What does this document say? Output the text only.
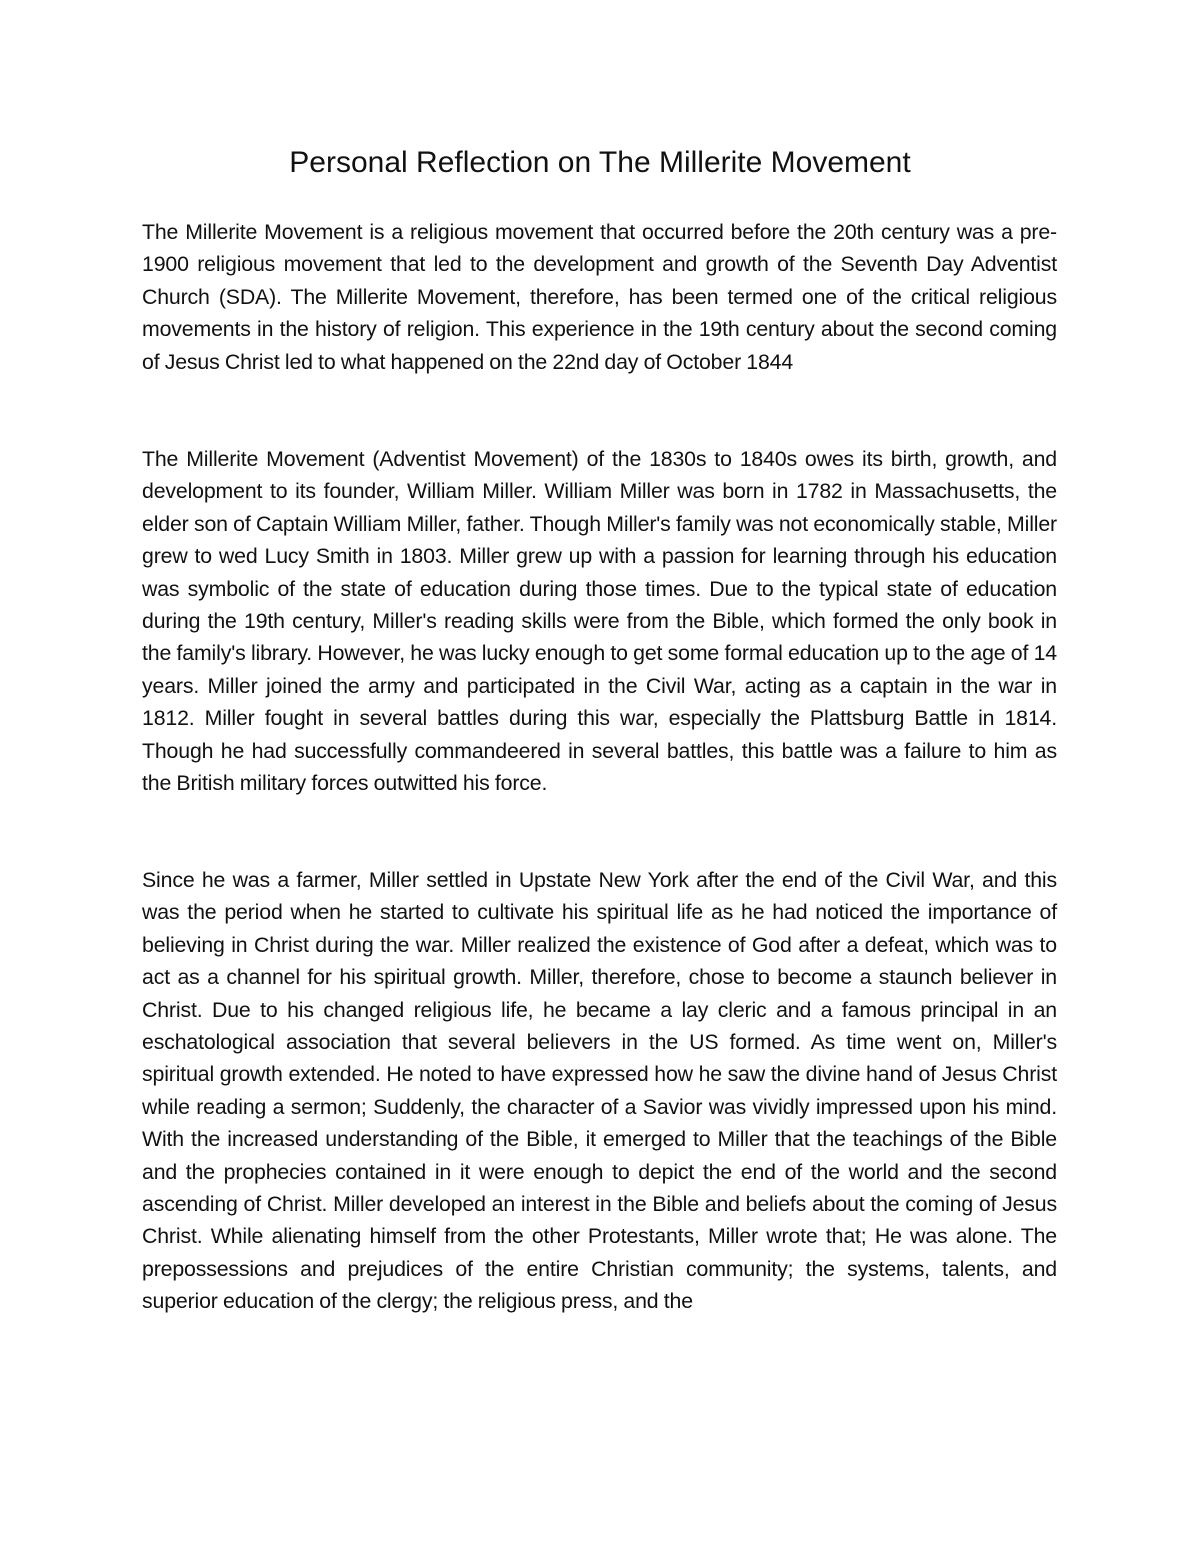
Personal Reflection on The Millerite Movement

The Millerite Movement is a religious movement that occurred before the 20th century was a pre-1900 religious movement that led to the development and growth of the Seventh Day Adventist Church (SDA). The Millerite Movement, therefore, has been termed one of the critical religious movements in the history of religion. This experience in the 19th century about the second coming of Jesus Christ led to what happened on the 22nd day of October 1844

The Millerite Movement (Adventist Movement) of the 1830s to 1840s owes its birth, growth, and development to its founder, William Miller. William Miller was born in 1782 in Massachusetts, the elder son of Captain William Miller, father. Though Miller's family was not economically stable, Miller grew to wed Lucy Smith in 1803. Miller grew up with a passion for learning through his education was symbolic of the state of education during those times. Due to the typical state of education during the 19th century, Miller's reading skills were from the Bible, which formed the only book in the family's library. However, he was lucky enough to get some formal education up to the age of 14 years. Miller joined the army and participated in the Civil War, acting as a captain in the war in 1812. Miller fought in several battles during this war, especially the Plattsburg Battle in 1814. Though he had successfully commandeered in several battles, this battle was a failure to him as the British military forces outwitted his force.

Since he was a farmer, Miller settled in Upstate New York after the end of the Civil War, and this was the period when he started to cultivate his spiritual life as he had noticed the importance of believing in Christ during the war. Miller realized the existence of God after a defeat, which was to act as a channel for his spiritual growth. Miller, therefore, chose to become a staunch believer in Christ. Due to his changed religious life, he became a lay cleric and a famous principal in an eschatological association that several believers in the US formed. As time went on, Miller's spiritual growth extended. He noted to have expressed how he saw the divine hand of Jesus Christ while reading a sermon; Suddenly, the character of a Savior was vividly impressed upon his mind. With the increased understanding of the Bible, it emerged to Miller that the teachings of the Bible and the prophecies contained in it were enough to depict the end of the world and the second ascending of Christ. Miller developed an interest in the Bible and beliefs about the coming of Jesus Christ. While alienating himself from the other Protestants, Miller wrote that; He was alone. The prepossessions and prejudices of the entire Christian community; the systems, talents, and superior education of the clergy; the religious press, and the
